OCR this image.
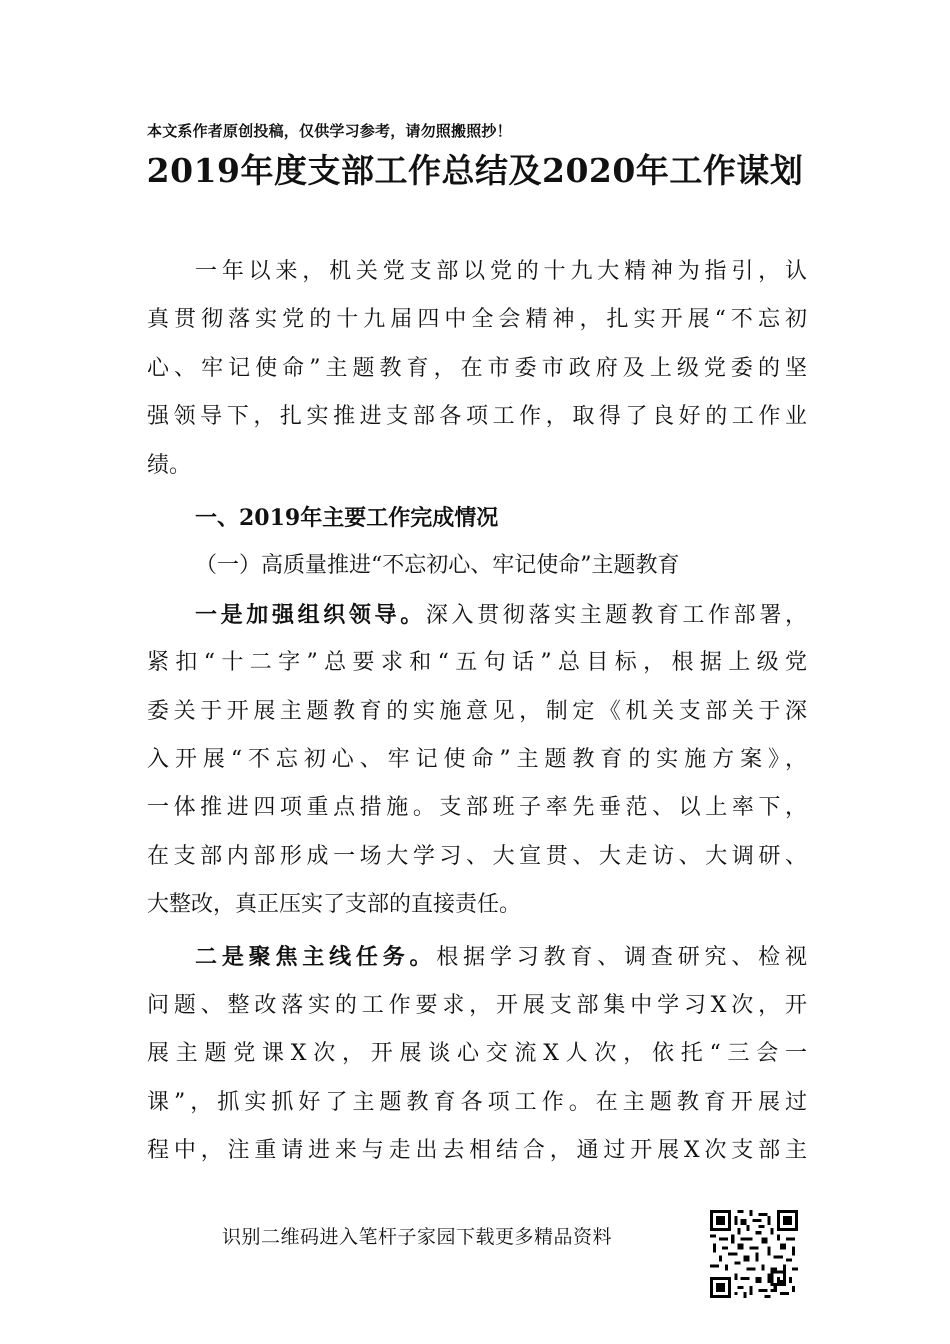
本文系作者原创投稿，仅供学习参考，请勿照搬照抄！
2019年度支部工作总结及2020年工作谋划
一年以来，机关党支部以党的十九大精神为指引，认
真贯彻落实党的十九届四中全会精神，扎实开展“不忘初
心、牢记使命”主题教育，在市委市政府及上级党委的坚
强领导下，扎实推进支部各项工作，取得了良好的工作业
绩。
一、2019年主要工作完成情况
（一）高质量推进“不忘初心、牢记使命”主题教育
一是加强组织领导。深入贯彻落实主题教育工作部署，
紧扣“十二字”总要求和“五句话”总目标，根据上级党
委关于开展主题教育的实施意见，制定《机关支部关于深
入开展“不忘初心、牢记使命”主题教育的实施方案》，
一体推进四项重点措施。支部班子率先垂范、以上率下，
在支部内部形成一场大学习、大宣贯、大走访、大调研、
大整改，真正压实了支部的直接责任。
二是聚焦主线任务。根据学习教育、调查研究、检视
问题、整改落实的工作要求，开展支部集中学习X次，开
展主题党课X次，开展谈心交流X人次，依托“三会一
课”，抓实抓好了主题教育各项工作。在主题教育开展过
程中，注重请进来与走出去相结合，通过开展X次支部主
识别二维码进入笔杆子家园下载更多精品资料
